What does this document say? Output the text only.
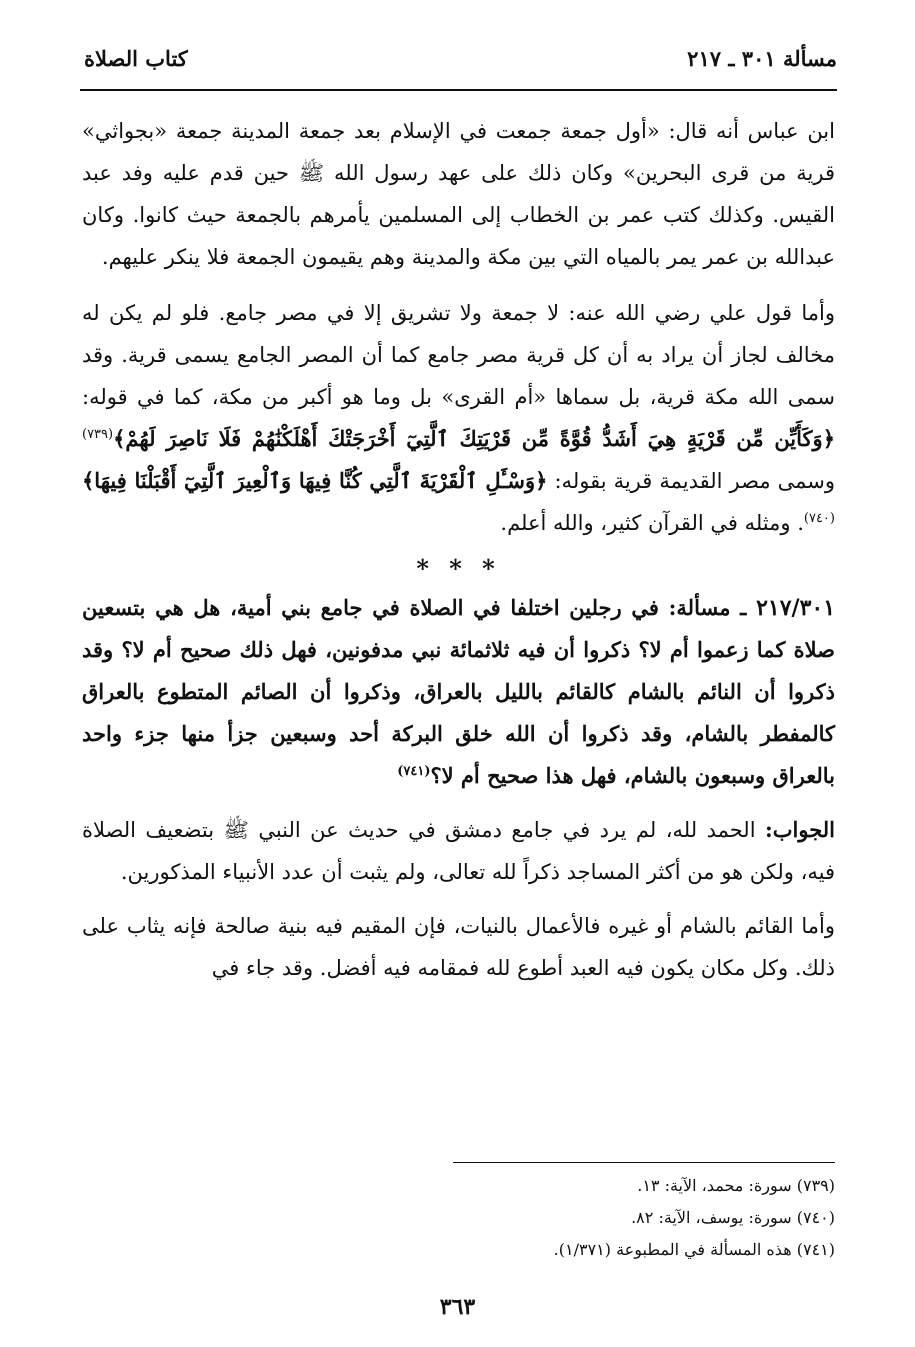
مسألة ٣٠١ ـ ٢١٧
كتاب الصلاة

ابن عباس أنه قال: «أول جمعة جمعت في الإسلام بعد جمعة المدينة جمعة «بجواثي» قرية من قرى البحرين» وكان ذلك على عهد رسول الله ﷺ حين قدم عليه وفد عبد القيس. وكذلك كتب عمر بن الخطاب إلى المسلمين يأمرهم بالجمعة حيث كانوا. وكان عبدالله بن عمر يمر بالمياه التي بين مكة والمدينة وهم يقيمون الجمعة فلا ينكر عليهم.

وأما قول علي رضي الله عنه: لا جمعة ولا تشريق إلا في مصر جامع. فلو لم يكن له مخالف لجاز أن يراد به أن كل قرية مصر جامع كما أن المصر الجامع يسمى قرية. وقد سمى الله مكة قرية، بل سماها «أم القرى» بل وما هو أكبر من مكة، كما في قوله: ﴿وَكَأَيِّن مِّن قَرْيَةٍ هِيَ أَشَدُّ قُوَّةً مِّن قَرْيَتِكَ ٱلَّتِيٓ أَخْرَجَتْكَ أَهْلَكْنَٰهُمْ فَلَا نَاصِرَ لَهُمْ﴾$^{(٧٣٩)}$ وسمى مصر القديمة قرية بقوله: ﴿وَسْـَٔلِ ٱلْقَرْيَةَ ٱلَّتِي كُنَّا فِيهَا وَٱلْعِيرَ ٱلَّتِيٓ أَقْبَلْنَا فِيهَا﴾$^{(٧٤٠)}$. ومثله في القرآن كثير، والله أعلم.

* * *

٢١٧/٣٠١ ـ مسألة: في رجلين اختلفا في الصلاة في جامع بني أمية، هل هي بتسعين صلاة كما زعموا أم لا؟ ذكروا أن فيه ثلاثمائة نبي مدفونين، فهل ذلك صحيح أم لا؟ وقد ذكروا أن النائم بالشام كالقائم بالليل بالعراق، وذكروا أن الصائم المتطوع بالعراق كالمفطر بالشام، وقد ذكروا أن الله خلق البركة أحد وسبعين جزأ منها جزء واحد بالعراق وسبعون بالشام، فهل هذا صحيح أم لا؟$^{(٧٤١)}$

الجواب: الحمد لله، لم يرد في جامع دمشق في حديث عن النبي ﷺ بتضعيف الصلاة فيه، ولكن هو من أكثر المساجد ذكراً لله تعالى، ولم يثبت أن عدد الأنبياء المذكورين.

وأما القائم بالشام أو غيره فالأعمال بالنيات، فإن المقيم فيه بنية صالحة فإنه يثاب على ذلك. وكل مكان يكون فيه العبد أطوع لله فمقامه فيه أفضل. وقد جاء في

(٧٣٩) سورة: محمد، الآية: ١٣.
(٧٤٠) سورة: يوسف، الآية: ٨٢.
(٧٤١) هذه المسألة في المطبوعة (١/٣٧١).
٣٦٣
